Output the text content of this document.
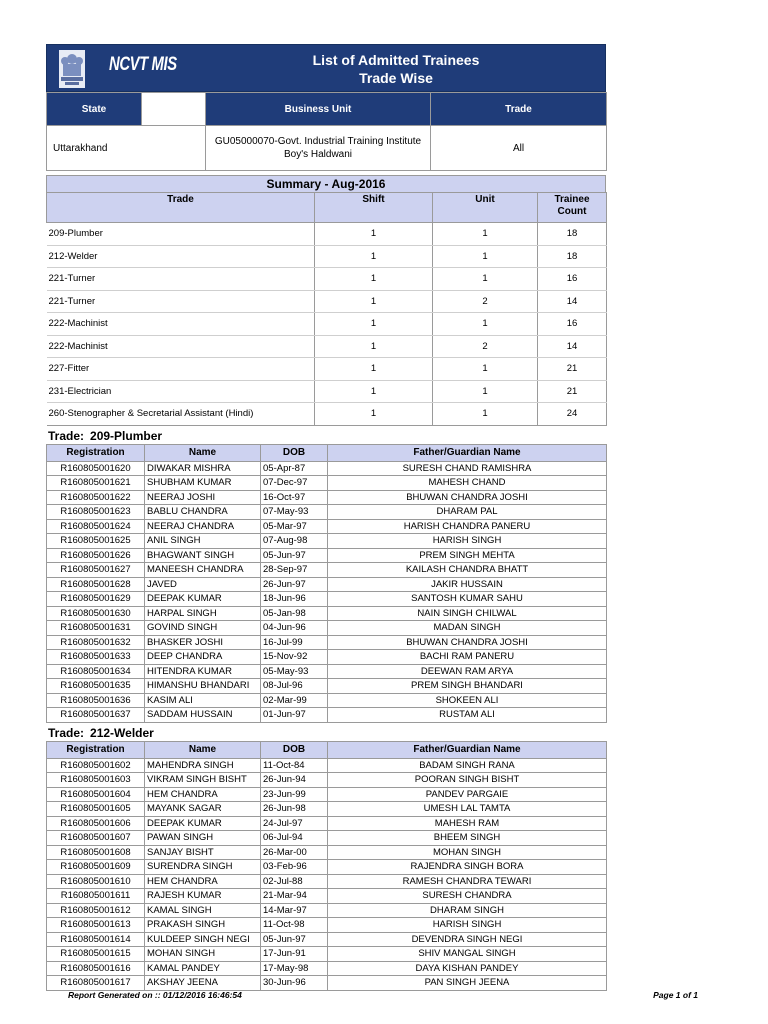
NCVT MIS	List of Admitted Trainees
Trade Wise
State		Business Unit	Trade
Uttarakhand		GU05000070-Govt. Industrial Training Institute
Boy's Haldwani	All
Summary - Aug-2016
Trade	Shift	Unit	Trainee Count
209-Plumber	1	1	18
212-Welder	1	1	18
221-Turner	1	1	16
221-Turner	1	2	14
222-Machinist	1	1	16
222-Machinist	1	2	14
227-Fitter	1	1	21
231-Electrician	1	1	21
260-Stenographer & Secretarial Assistant (Hindi)	1	1	24
Trade: 209-Plumber
Registration	Name	DOB	Father/Guardian Name
R160805001620	DIWAKAR MISHRA	05-Apr-87	SURESH CHAND RAMISHRA
R160805001621	SHUBHAM KUMAR	07-Dec-97	MAHESH CHAND
R160805001622	NEERAJ JOSHI	16-Oct-97	BHUWAN CHANDRA JOSHI
R160805001623	BABLU CHANDRA	07-May-93	DHARAM PAL
R160805001624	NEERAJ CHANDRA	05-Mar-97	HARISH CHANDRA PANERU
R160805001625	ANIL SINGH	07-Aug-98	HARISH SINGH
R160805001626	BHAGWANT SINGH	05-Jun-97	PREM SINGH MEHTA
R160805001627	MANEESH CHANDRA	28-Sep-97	KAILASH CHANDRA BHATT
R160805001628	JAVED	26-Jun-97	JAKIR HUSSAIN
R160805001629	DEEPAK KUMAR	18-Jun-96	SANTOSH KUMAR SAHU
R160805001630	HARPAL SINGH	05-Jan-98	NAIN SINGH CHILWAL
R160805001631	GOVIND SINGH	04-Jun-96	MADAN SINGH
R160805001632	BHASKER JOSHI	16-Jul-99	BHUWAN CHANDRA JOSHI
R160805001633	DEEP CHANDRA	15-Nov-92	BACHI RAM PANERU
R160805001634	HITENDRA KUMAR	05-May-93	DEEWAN RAM ARYA
R160805001635	HIMANSHU BHANDARI	08-Jul-96	PREM SINGH BHANDARI
R160805001636	KASIM ALI	02-Mar-99	SHOKEEN ALI
R160805001637	SADDAM HUSSAIN	01-Jun-97	RUSTAM ALI
Trade: 212-Welder
Registration	Name	DOB	Father/Guardian Name
R160805001602	MAHENDRA SINGH	11-Oct-84	BADAM SINGH RANA
R160805001603	VIKRAM SINGH BISHT	26-Jun-94	POORAN SINGH BISHT
R160805001604	HEM CHANDRA	23-Jun-99	PANDEV PARGAIE
R160805001605	MAYANK SAGAR	26-Jun-98	UMESH LAL TAMTA
R160805001606	DEEPAK KUMAR	24-Jul-97	MAHESH RAM
R160805001607	PAWAN SINGH	06-Jul-94	BHEEM SINGH
R160805001608	SANJAY BISHT	26-Mar-00	MOHAN SINGH
R160805001609	SURENDRA SINGH	03-Feb-96	RAJENDRA SINGH BORA
R160805001610	HEM CHANDRA	02-Jul-88	RAMESH CHANDRA TEWARI
R160805001611	RAJESH KUMAR	21-Mar-94	SURESH CHANDRA
R160805001612	KAMAL SINGH	14-Mar-97	DHARAM SINGH
R160805001613	PRAKASH SINGH	11-Oct-98	HARISH SINGH
R160805001614	KULDEEP SINGH NEGI	05-Jun-97	DEVENDRA SINGH NEGI
R160805001615	MOHAN SINGH	17-Jun-91	SHIV MANGAL SINGH
R160805001616	KAMAL PANDEY	17-May-98	DAYA KISHAN PANDEY
R160805001617	AKSHAY JEENA	30-Jun-96	PAN SINGH JEENA
Report Generated on :: 01/12/2016 16:46:54	Page 1 of 1
